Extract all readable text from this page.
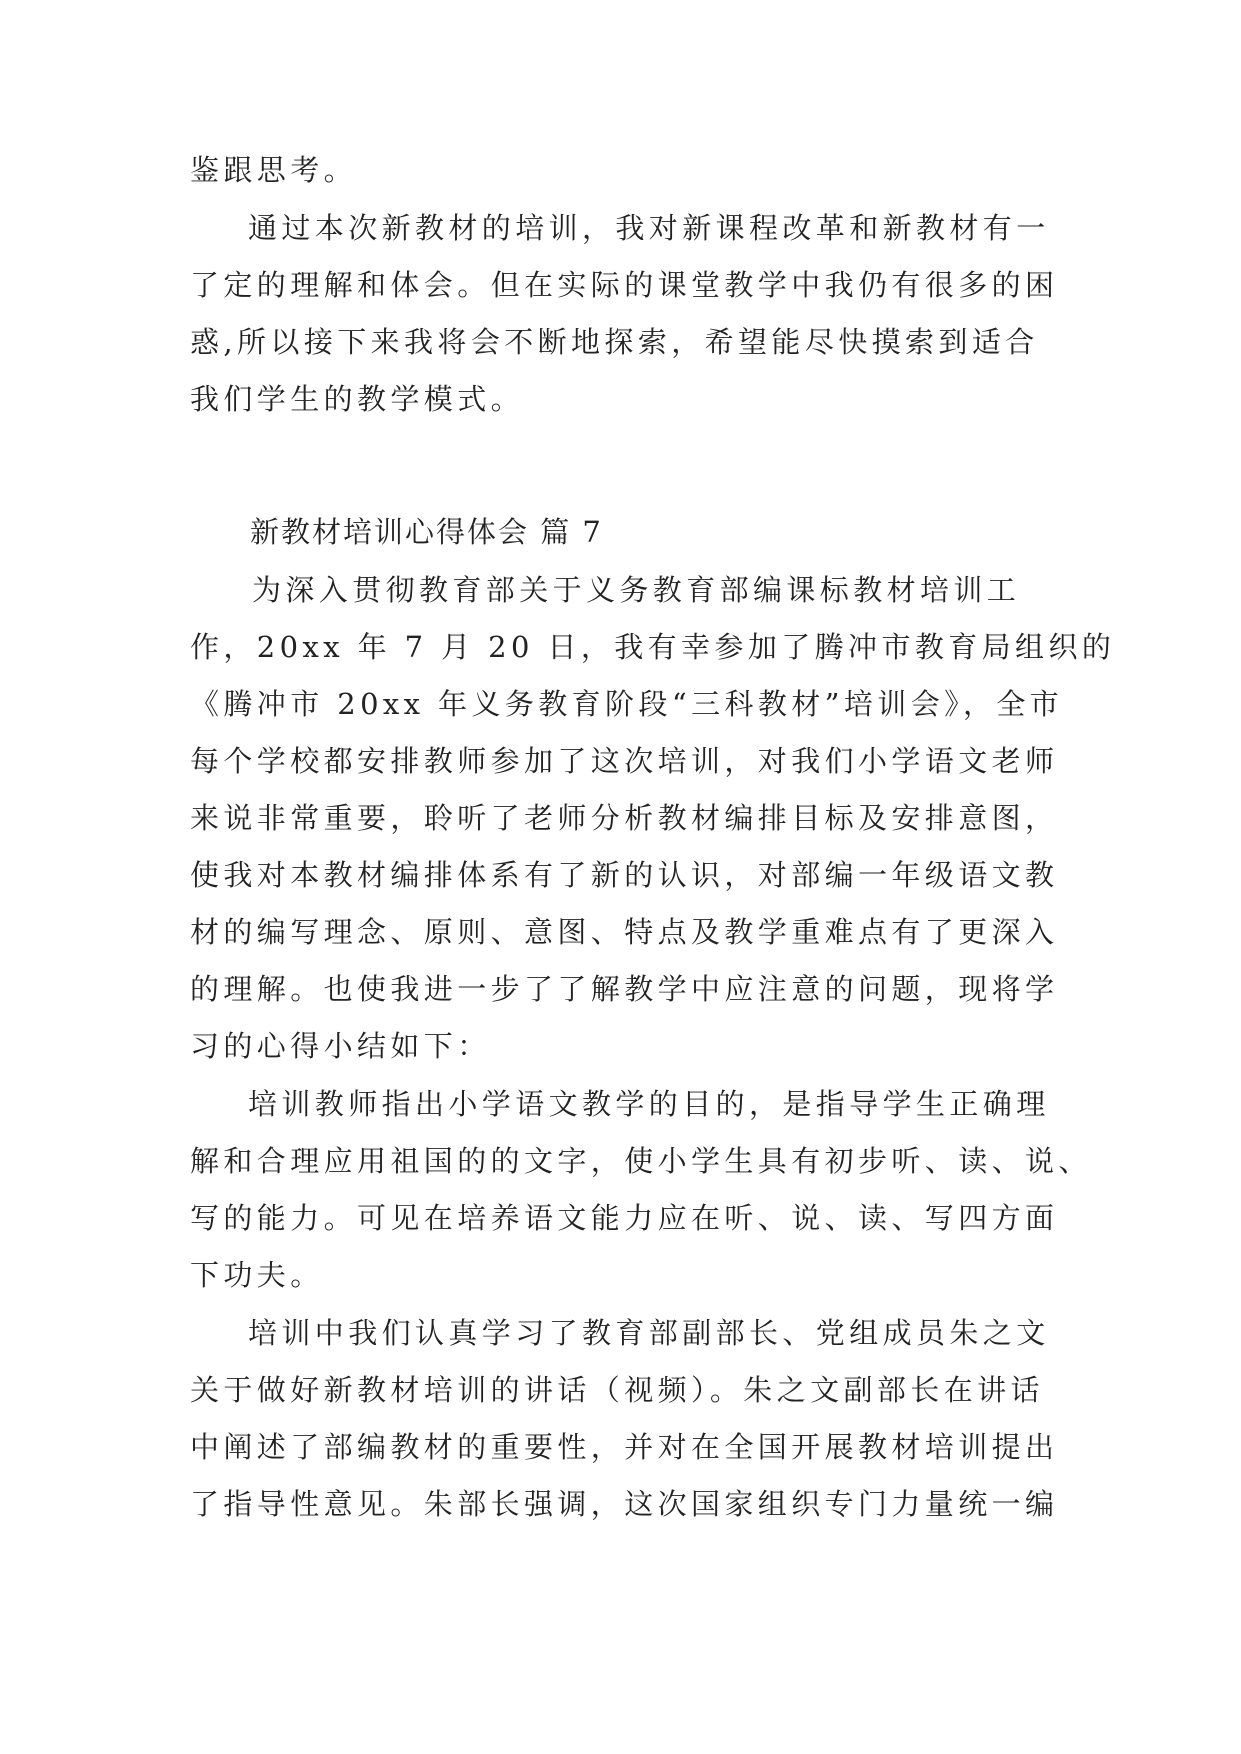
鉴跟思考。
通过本次新教材的培训，我对新课程改革和新教材有一
了定的理解和体会。但在实际的课堂教学中我仍有很多的困
惑,所以接下来我将会不断地探索，希望能尽快摸索到适合
我们学生的教学模式。
新教材培训心得体会 篇 7
为深入贯彻教育部关于义务教育部编课标教材培训工
作，20xx 年 7 月 20 日，我有幸参加了腾冲市教育局组织的
《腾冲市 20xx 年义务教育阶段“三科教材”培训会》，全市
每个学校都安排教师参加了这次培训，对我们小学语文老师
来说非常重要，聆听了老师分析教材编排目标及安排意图，
使我对本教材编排体系有了新的认识，对部编一年级语文教
材的编写理念、原则、意图、特点及教学重难点有了更深入
的理解。也使我进一步了了解教学中应注意的问题，现将学
习的心得小结如下：
培训教师指出小学语文教学的目的，是指导学生正确理
解和合理应用祖国的的文字，使小学生具有初步听、读、说、
写的能力。可见在培养语文能力应在听、说、读、写四方面
下功夫。
培训中我们认真学习了教育部副部长、党组成员朱之文
关于做好新教材培训的讲话（视频）。朱之文副部长在讲话
中阐述了部编教材的重要性，并对在全国开展教材培训提出
了指导性意见。朱部长强调，这次国家组织专门力量统一编
